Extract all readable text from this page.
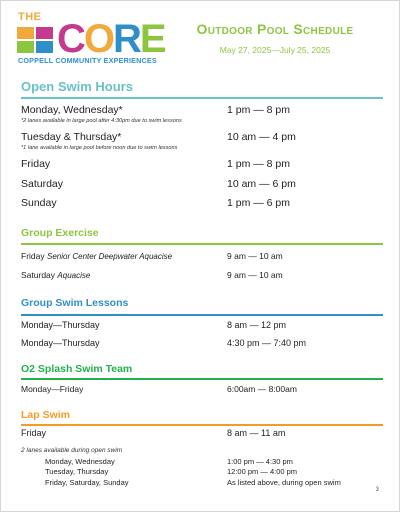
THE CORE
COPPELL COMMUNITY EXPERIENCES
Outdoor Pool Schedule
May 27, 2025—July 25, 2025
Open Swim Hours
Monday, Wednesday*	1 pm — 8 pm
*2 lanes available in large pool after 4:30pm due to swim lessons
Tuesday & Thursday*	10 am — 4 pm
*1 lane available in large pool before noon due to swim lessons
Friday	1 pm — 8 pm
Saturday	10 am — 6 pm
Sunday	1 pm — 6 pm
Group Exercise
Friday Senior Center Deepwater Aquacise	9 am — 10 am
Saturday Aquacise	9 am — 10 am
Group Swim Lessons
Monday—Thursday	8 am — 12 pm
Monday—Thursday	4:30 pm — 7:40 pm
O2 Splash Swim Team
Monday—Friday	6:00am — 8:00am
Lap Swim
Friday	8 am — 11 am
2 lanes available during open swim
Monday, Wednesday	1:00 pm — 4:30 pm
Tuesday, Thursday	12:00 pm — 4:00 pm
Friday, Saturday, Sunday	As listed above, during open swim
3
